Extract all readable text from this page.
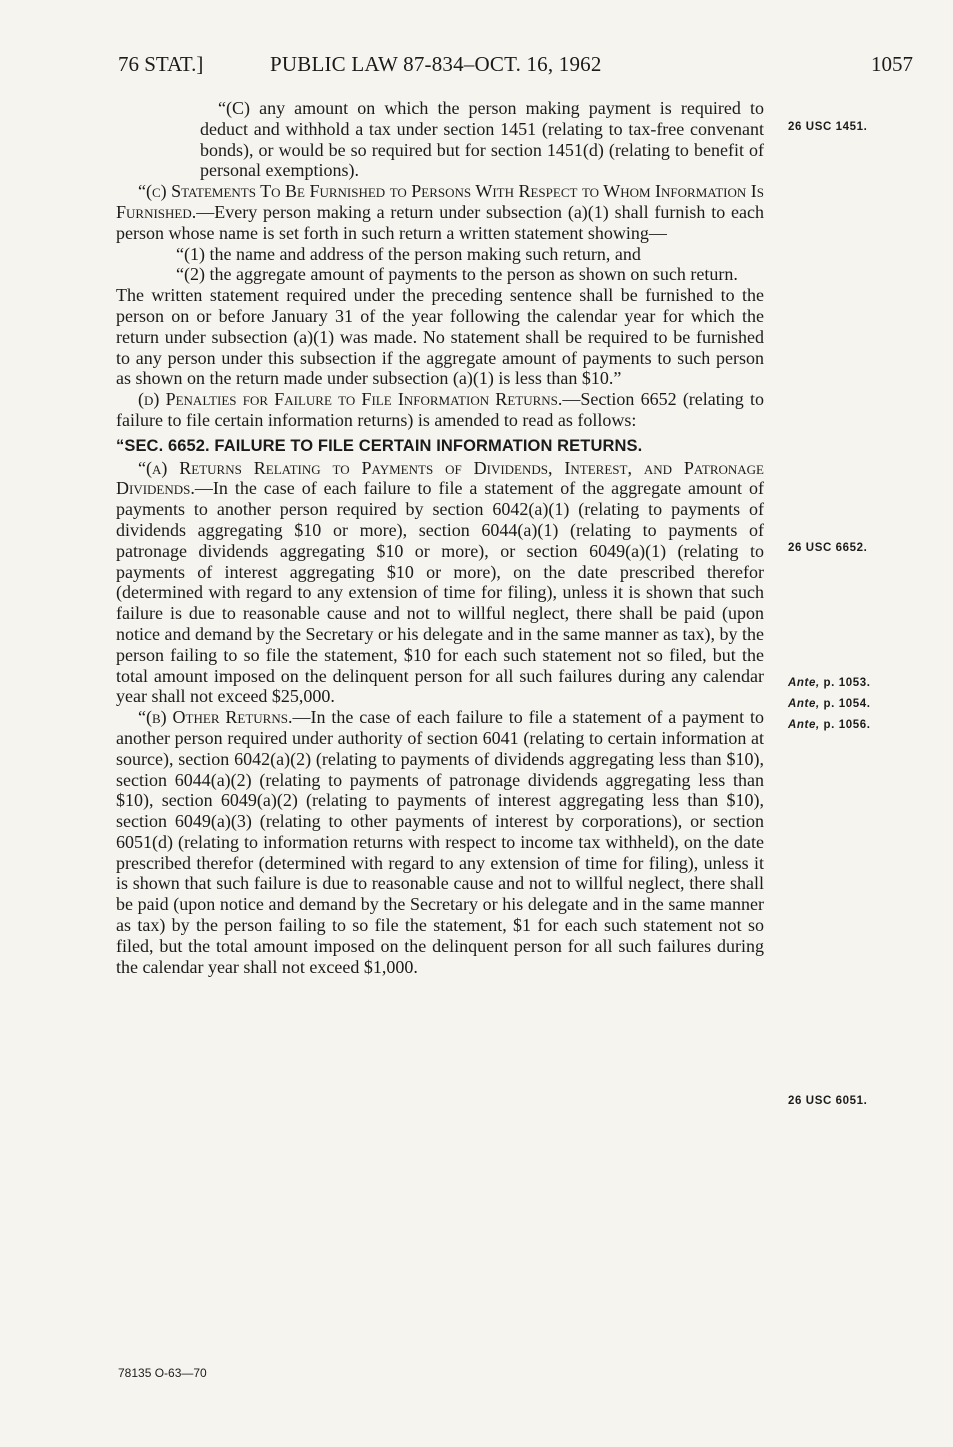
76 STAT.]	PUBLIC LAW 87-834–OCT. 16, 1962	1057

“(C) any amount on which the person making payment is required to deduct and withhold a tax under section 1451 (relating to tax-free convenant bonds), or would be so required but for section 1451(d) (relating to benefit of personal exemptions).

“(c) Statements To Be Furnished to Persons With Respect to Whom Information Is Furnished.—Every person making a return under subsection (a)(1) shall furnish to each person whose name is set forth in such return a written statement showing—

“(1) the name and address of the person making such return, and

“(2) the aggregate amount of payments to the person as shown on such return.

The written statement required under the preceding sentence shall be furnished to the person on or before January 31 of the year following the calendar year for which the return under subsection (a)(1) was made. No statement shall be required to be furnished to any person under this subsection if the aggregate amount of payments to such person as shown on the return made under subsection (a)(1) is less than $10.”

(d) Penalties for Failure to File Information Returns.—Section 6652 (relating to failure to file certain information returns) is amended to read as follows:

“SEC. 6652. FAILURE TO FILE CERTAIN INFORMATION RETURNS.

“(a) Returns Relating to Payments of Dividends, Interest, and Patronage Dividends.—In the case of each failure to file a statement of the aggregate amount of payments to another person required by section 6042(a)(1) (relating to payments of dividends aggregating $10 or more), section 6044(a)(1) (relating to payments of patronage dividends aggregating $10 or more), or section 6049(a)(1) (relating to payments of interest aggregating $10 or more), on the date prescribed therefor (determined with regard to any extension of time for filing), unless it is shown that such failure is due to reasonable cause and not to willful neglect, there shall be paid (upon notice and demand by the Secretary or his delegate and in the same manner as tax), by the person failing to so file the statement, $10 for each such statement not so filed, but the total amount imposed on the delinquent person for all such failures during any calendar year shall not exceed $25,000.

“(b) Other Returns.—In the case of each failure to file a statement of a payment to another person required under authority of section 6041 (relating to certain information at source), section 6042(a)(2) (relating to payments of dividends aggregating less than $10), section 6044(a)(2) (relating to payments of patronage dividends aggregating less than $10), section 6049(a)(2) (relating to payments of interest aggregating less than $10), section 6049(a)(3) (relating to other payments of interest by corporations), or section 6051(d) (relating to information returns with respect to income tax withheld), on the date prescribed therefor (determined with regard to any extension of time for filing), unless it is shown that such failure is due to reasonable cause and not to willful neglect, there shall be paid (upon notice and demand by the Secretary or his delegate and in the same manner as tax) by the person failing to so file the statement, $1 for each such statement not so filed, but the total amount imposed on the delinquent person for all such failures during the calendar year shall not exceed $1,000.

26 USC 1451.
26 USC 6652.
Ante, p. 1053.
Ante, p. 1054.
Ante, p. 1056.
26 USC 6051.
78135 O-63—70
